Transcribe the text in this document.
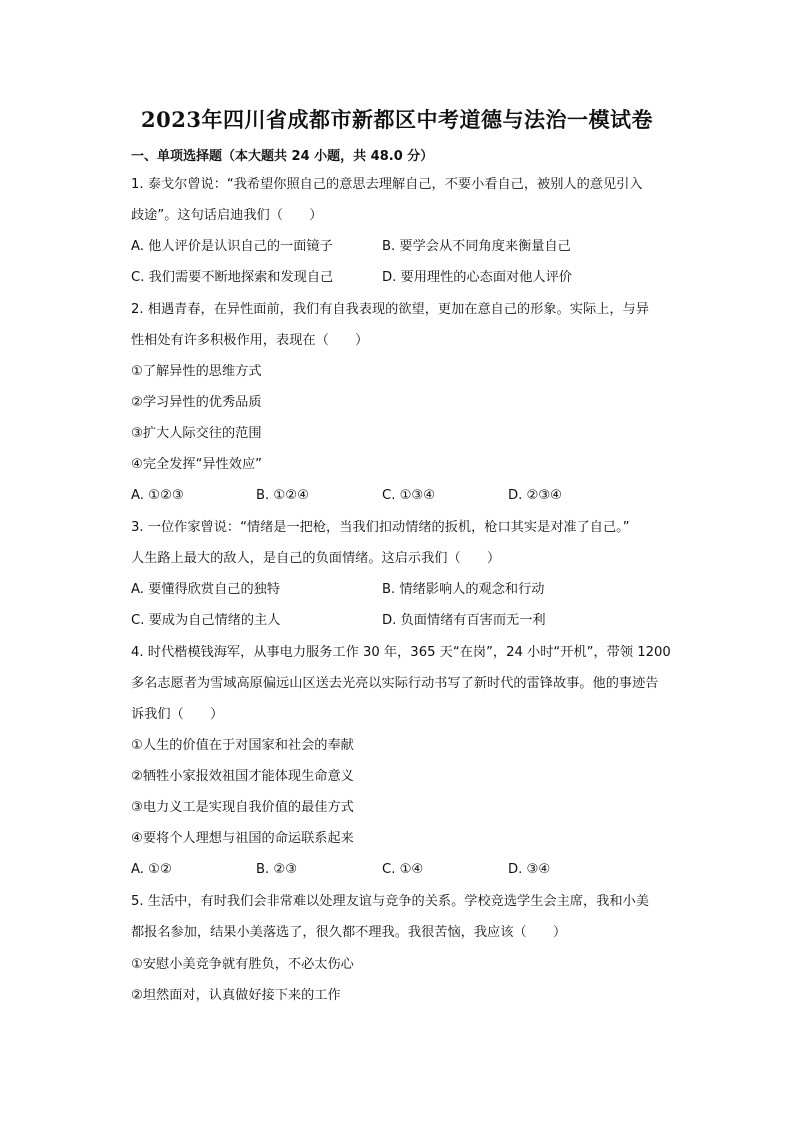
2023年四川省成都市新都区中考道德与法治一模试卷
一、单项选择题（本大题共 24 小题，共 48.0 分）
1. 泰戈尔曾说：“我希望你照自己的意思去理解自己，不要小看自己，被别人的意见引入
歧途”。这句话启迪我们（　　）
A. 他人评价是认识自己的一面镜子	B. 要学会从不同角度来衡量自己
C. 我们需要不断地探索和发现自己	D. 要用理性的心态面对他人评价
2. 相遇青春，在异性面前，我们有自我表现的欲望，更加在意自己的形象。实际上，与异
性相处有许多积极作用，表现在（　　）
①了解异性的思维方式
②学习异性的优秀品质
③扩大人际交往的范围
④完全发挥“异性效应”
A. ①②③	B. ①②④	C. ①③④	D. ②③④
3. 一位作家曾说：“情绪是一把枪，当我们扣动情绪的扳机，枪口其实是对准了自己。”
人生路上最大的敌人，是自己的负面情绪。这启示我们（　　）
A. 要懂得欣赏自己的独特	B. 情绪影响人的观念和行动
C. 要成为自己情绪的主人	D. 负面情绪有百害而无一利
4. 时代楷模钱海军，从事电力服务工作 30 年，365 天“在岗”，24 小时“开机”，带领 1200
多名志愿者为雪域高原偏远山区送去光亮以实际行动书写了新时代的雷锋故事。他的事迹告
诉我们（　　）
①人生的价值在于对国家和社会的奉献
②牺牲小家报效祖国才能体现生命意义
③电力义工是实现自我价值的最佳方式
④要将个人理想与祖国的命运联系起来
A. ①②	B. ②③	C. ①④	D. ③④
5. 生活中，有时我们会非常难以处理友谊与竞争的关系。学校竞选学生会主席，我和小美
都报名参加，结果小美落选了，很久都不理我。我很苦恼，我应该（　　）
①安慰小美竞争就有胜负，不必太伤心
②坦然面对，认真做好接下来的工作
